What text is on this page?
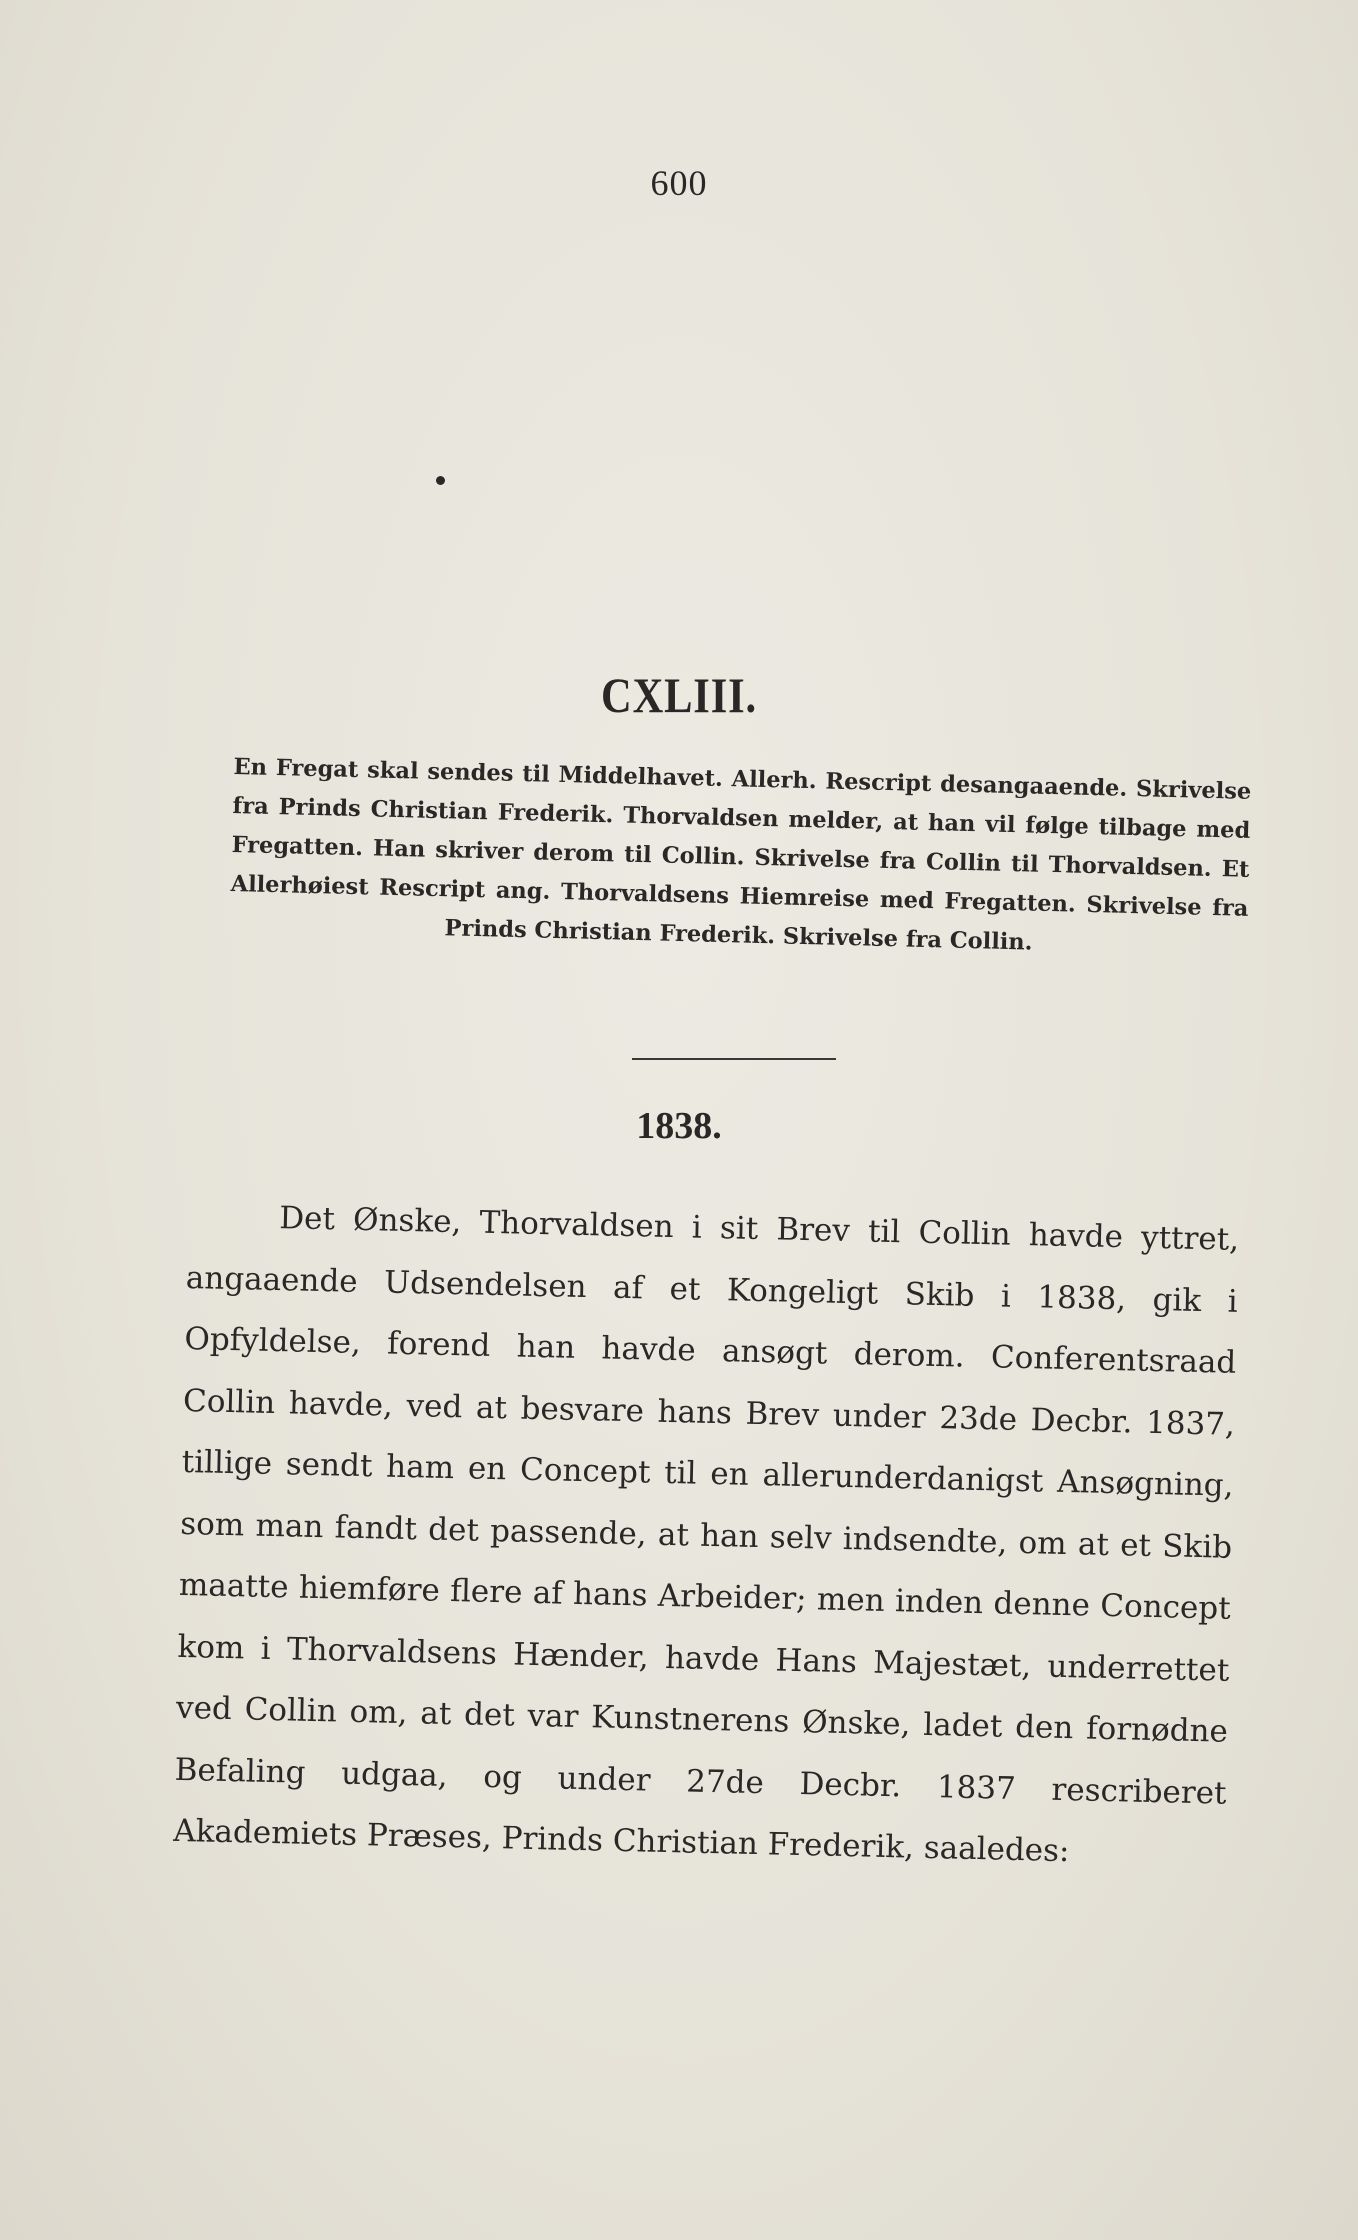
600
CXLIII.
En Fregat skal sendes til Middelhavet. Allerh. Rescript desangaaende. Skrivelse fra Prinds Christian Frederik. Thorvaldsen melder, at han vil følge tilbage med Fregatten. Han skriver derom til Collin. Skrivelse fra Collin til Thorvaldsen. Et Allerhøiest Rescript ang. Thorvaldsens Hiemreise med Fregatten. Skrivelse fra Prinds Christian Frederik. Skrivelse fra Collin.
1838.
Det Ønske, Thorvaldsen i sit Brev til Collin havde yttret, angaaende Udsendelsen af et Kongeligt Skib i 1838, gik i Opfyldelse, forend han havde ansøgt derom. Conferentsraad Collin havde, ved at besvare hans Brev under 23de Decbr. 1837, tillige sendt ham en Concept til en allerunderdanigst Ansøgning, som man fandt det passende, at han selv indsendte, om at et Skib maatte hiemføre flere af hans Arbeider; men inden denne Concept kom i Thorvaldsens Hænder, havde Hans Majestæt, underrettet ved Collin om, at det var Kunstnerens Ønske, ladet den fornødne Befaling udgaa, og under 27de Decbr. 1837 rescriberet Akademiets Præses, Prinds Christian Frederik, saaledes:
